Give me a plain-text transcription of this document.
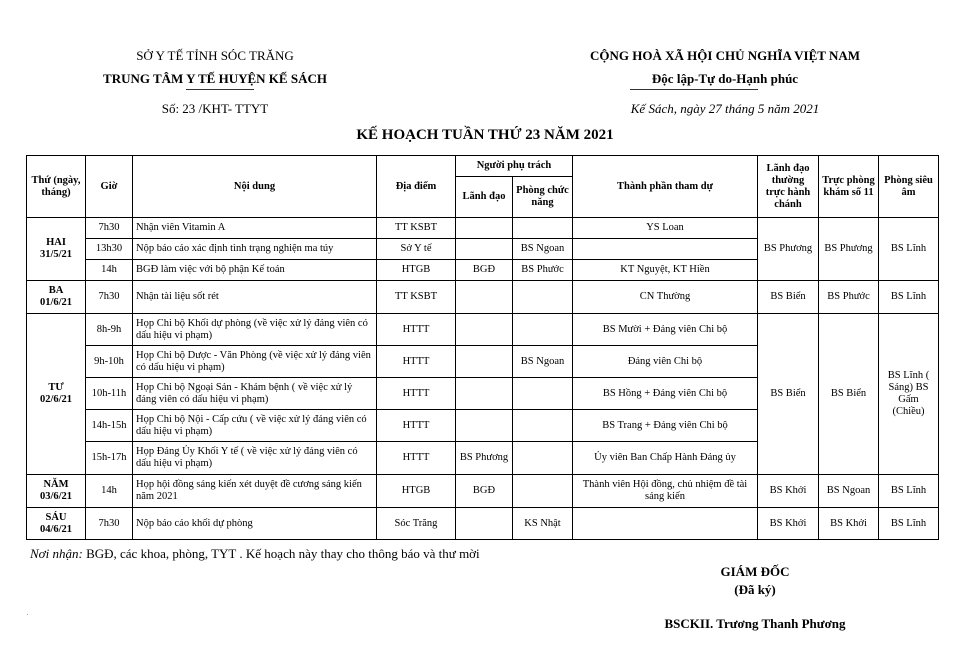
SỞ Y TẾ TỈNH SÓC TRĂNG
TRUNG TÂM Y TẾ HUYỆN KẾ SÁCH
Số: 23 /KHT- TTYT
CỘNG HOÀ XÃ HỘI CHỦ NGHĨA VIỆT NAM
Độc lập-Tự do-Hạnh phúc
Kế Sách, ngày 27 tháng 5 năm 2021
KẾ HOẠCH TUẦN THỨ 23 NĂM 2021
Thứ (ngày, tháng)	Giờ	Nội dung	Địa điểm	Người phụ trách		Thành phần tham dự	Lãnh đạo thường trực hành chánh	Trực phòng khám số 11	Phòng siêu âm
				Lãnh đạo	Phòng chức năng				
HAI
31/5/21	7h30	Nhận viên Vitamin A	TT KSBT			YS Loan	BS Phương	BS Phương	BS Lĩnh
	13h30	Nộp báo cáo xác định tình trạng nghiện ma túy	Sở Y tế		BS Ngoan				
	14h	BGĐ làm việc với bộ phận Kế toán	HTGB	BGĐ	BS Phước	KT Nguyệt, KT Hiền			
BA
01/6/21	7h30	Nhận tài liệu sốt rét	TT KSBT			CN Thường	BS Biển	BS Phước	BS Lĩnh
TƯ
02/6/21	8h-9h	Họp Chi bộ Khối dự phòng (về việc xử lý đảng viên có dấu hiệu vi phạm)	HTTT			BS Mười + Đảng viên Chi bộ	BS Biển	BS Biển	BS Lĩnh ( Sáng) BS Gấm (Chiều)
	9h-10h	Họp Chi bộ Dược - Văn Phòng (về việc xử lý đảng viên có dấu hiệu vi phạm)	HTTT		BS Ngoan	Đảng viên Chi bộ			
	10h-11h	Họp Chi bộ Ngoại Sản - Khám bệnh ( về việc xử lý đảng viên có dấu hiệu vi phạm)	HTTT			BS Hồng + Đảng viên Chi bộ			
	14h-15h	Họp Chi bộ Nội - Cấp cứu ( về việc xử lý đảng viên có dấu hiệu vi phạm)	HTTT			BS Trang + Đảng viên Chi bộ			
	15h-17h	Họp Đảng Ủy Khối Y tế ( về việc xử lý đảng viên có dấu hiệu vi phạm)	HTTT	BS Phương		Ủy viên Ban Chấp Hành Đảng ủy			
NĂM
03/6/21	14h	Họp hội đồng sáng kiến xét duyệt đề cương sáng kiến năm 2021	HTGB	BGĐ		Thành viên Hội đồng, chủ nhiệm đề tài sáng kiến	BS Khởi	BS Ngoan	BS Lĩnh
SÁU
04/6/21	7h30	Nộp báo cáo khối dự phòng	Sóc Trăng		KS Nhật		BS Khởi	BS Khởi	BS Lĩnh
Nơi nhận: BGĐ, các khoa, phòng, TYT . Kế hoạch này thay cho thông báo và thư mời
GIÁM ĐỐC
(Đã ký)
BSCKII. Trương Thanh Phương
